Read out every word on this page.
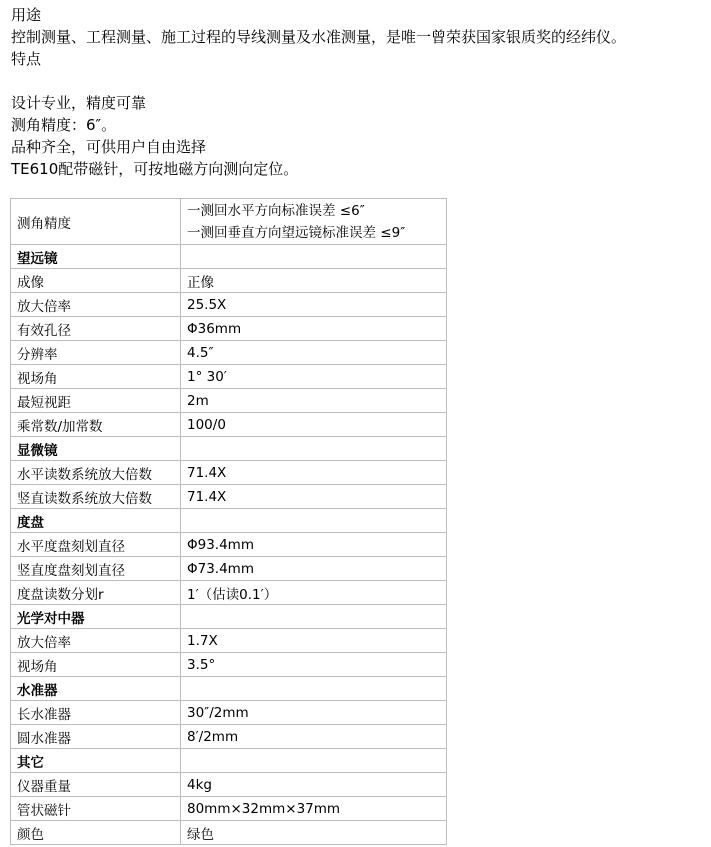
用途
控制测量、工程测量、施工过程的导线测量及水准测量，是唯一曾荣获国家银质奖的经纬仪。
特点
设计专业，精度可靠
测角精度：6″。
品种齐全，可供用户自由选择
TE610配带磁针，可按地磁方向测向定位。
测角精度	一测回水平方向标准误差 ≤6″
一测回垂直方向望远镜标准误差 ≤9″

望远镜	
成像	正像
放大倍率	25.5X
有效孔径	Φ36mm
分辨率	4.5″
视场角	1° 30′
最短视距	2m
乘常数/加常数	100/0
显微镜	
水平读数系统放大倍数	71.4X
竖直读数系统放大倍数	71.4X
度盘	
水平度盘刻划直径	Φ93.4mm
竖直度盘刻划直径	Φ73.4mm
度盘读数分划r	1′（估读0.1′）
光学对中器	
放大倍率	1.7X
视场角	3.5°
水准器	
长水准器	30″/2mm
圆水准器	8′/2mm
其它	
仪器重量	4kg
管状磁针	80mm×32mm×37mm
颜色	绿色
